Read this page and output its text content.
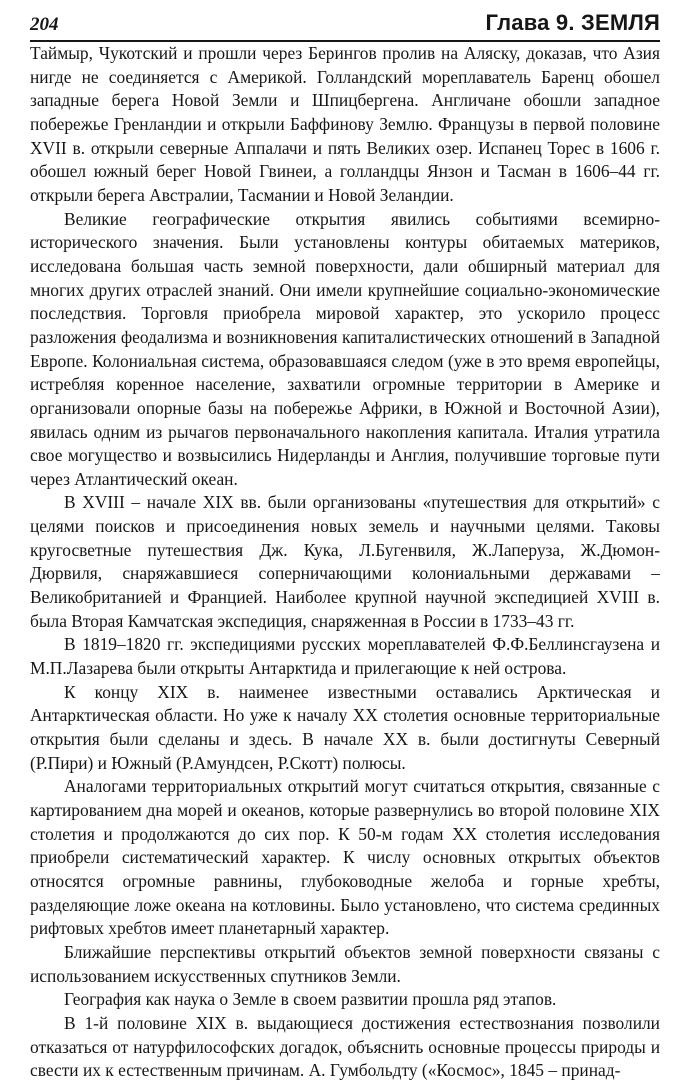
204	Глава 9. ЗЕМЛЯ

Таймыр, Чукотский и прошли через Берингов пролив на Аляску, доказав, что Азия нигде не соединяется с Америкой. Голландский мореплаватель Баренц обошел западные берега Новой Земли и Шпицбергена. Англичане обошли западное побережье Гренландии и открыли Баффинову Землю. Французы в первой половине XVII в. открыли северные Аппалачи и пять Великих озер. Испанец Торес в 1606 г. обошел южный берег Новой Гвинеи, а голландцы Янзон и Тасман в 1606–44 гг. открыли берега Австралии, Тасмании и Новой Зеландии.

Великие географические открытия явились событиями всемирно-исторического значения. Были установлены контуры обитаемых материков, исследована большая часть земной поверхности, дали обширный материал для многих других отраслей знаний. Они имели крупнейшие социально-экономические последствия. Торговля приобрела мировой характер, это ускорило процесс разложения феодализма и возникновения капиталистических отношений в Западной Европе. Колониальная система, образовавшаяся следом (уже в это время европейцы, истребляя коренное население, захватили огромные территории в Америке и организовали опорные базы на побережье Африки, в Южной и Восточной Азии), явилась одним из рычагов первоначального накопления капитала. Италия утратила свое могущество и возвысились Нидерланды и Англия, получившие торговые пути через Атлантический океан.

В XVIII – начале XIX вв. были организованы «путешествия для открытий» с целями поисков и присоединения новых земель и научными целями. Таковы кругосветные путешествия Дж. Кука, Л.Бугенвиля, Ж.Лаперуза, Ж.Дюмон-Дюрвиля, снаряжавшиеся соперничающими колониальными державами – Великобританией и Францией. Наиболее крупной научной экспедицией XVIII в. была Вторая Камчатская экспедиция, снаряженная в России в 1733–43 гг.

В 1819–1820 гг. экспедициями русских мореплавателей Ф.Ф.Беллинсгаузена и М.П.Лазарева были открыты Антарктида и прилегающие к ней острова.

К концу XIX в. наименее известными оставались Арктическая и Антарктическая области. Но уже к началу XX столетия основные территориальные открытия были сделаны и здесь. В начале XX в. были достигнуты Северный (Р.Пири) и Южный (Р.Амундсен, Р.Скотт) полюсы.

Аналогами территориальных открытий могут считаться открытия, связанные с картированием дна морей и океанов, которые развернулись во второй половине XIX столетия и продолжаются до сих пор. К 50-м годам XX столетия исследования приобрели систематический характер. К числу основных открытых объектов относятся огромные равнины, глубоководные желоба и горные хребты, разделяющие ложе океана на котловины. Было установлено, что система срединных рифтовых хребтов имеет планетарный характер.

Ближайшие перспективы открытий объектов земной поверхности связаны с использованием искусственных спутников Земли.

География как наука о Земле в своем развитии прошла ряд этапов.

В 1-й половине XIX в. выдающиеся достижения естествознания позволили отказаться от натурфилософских догадок, объяснить основные процессы природы и свести их к естественным причинам. А. Гумбольдту («Космос», 1845 – принад-
